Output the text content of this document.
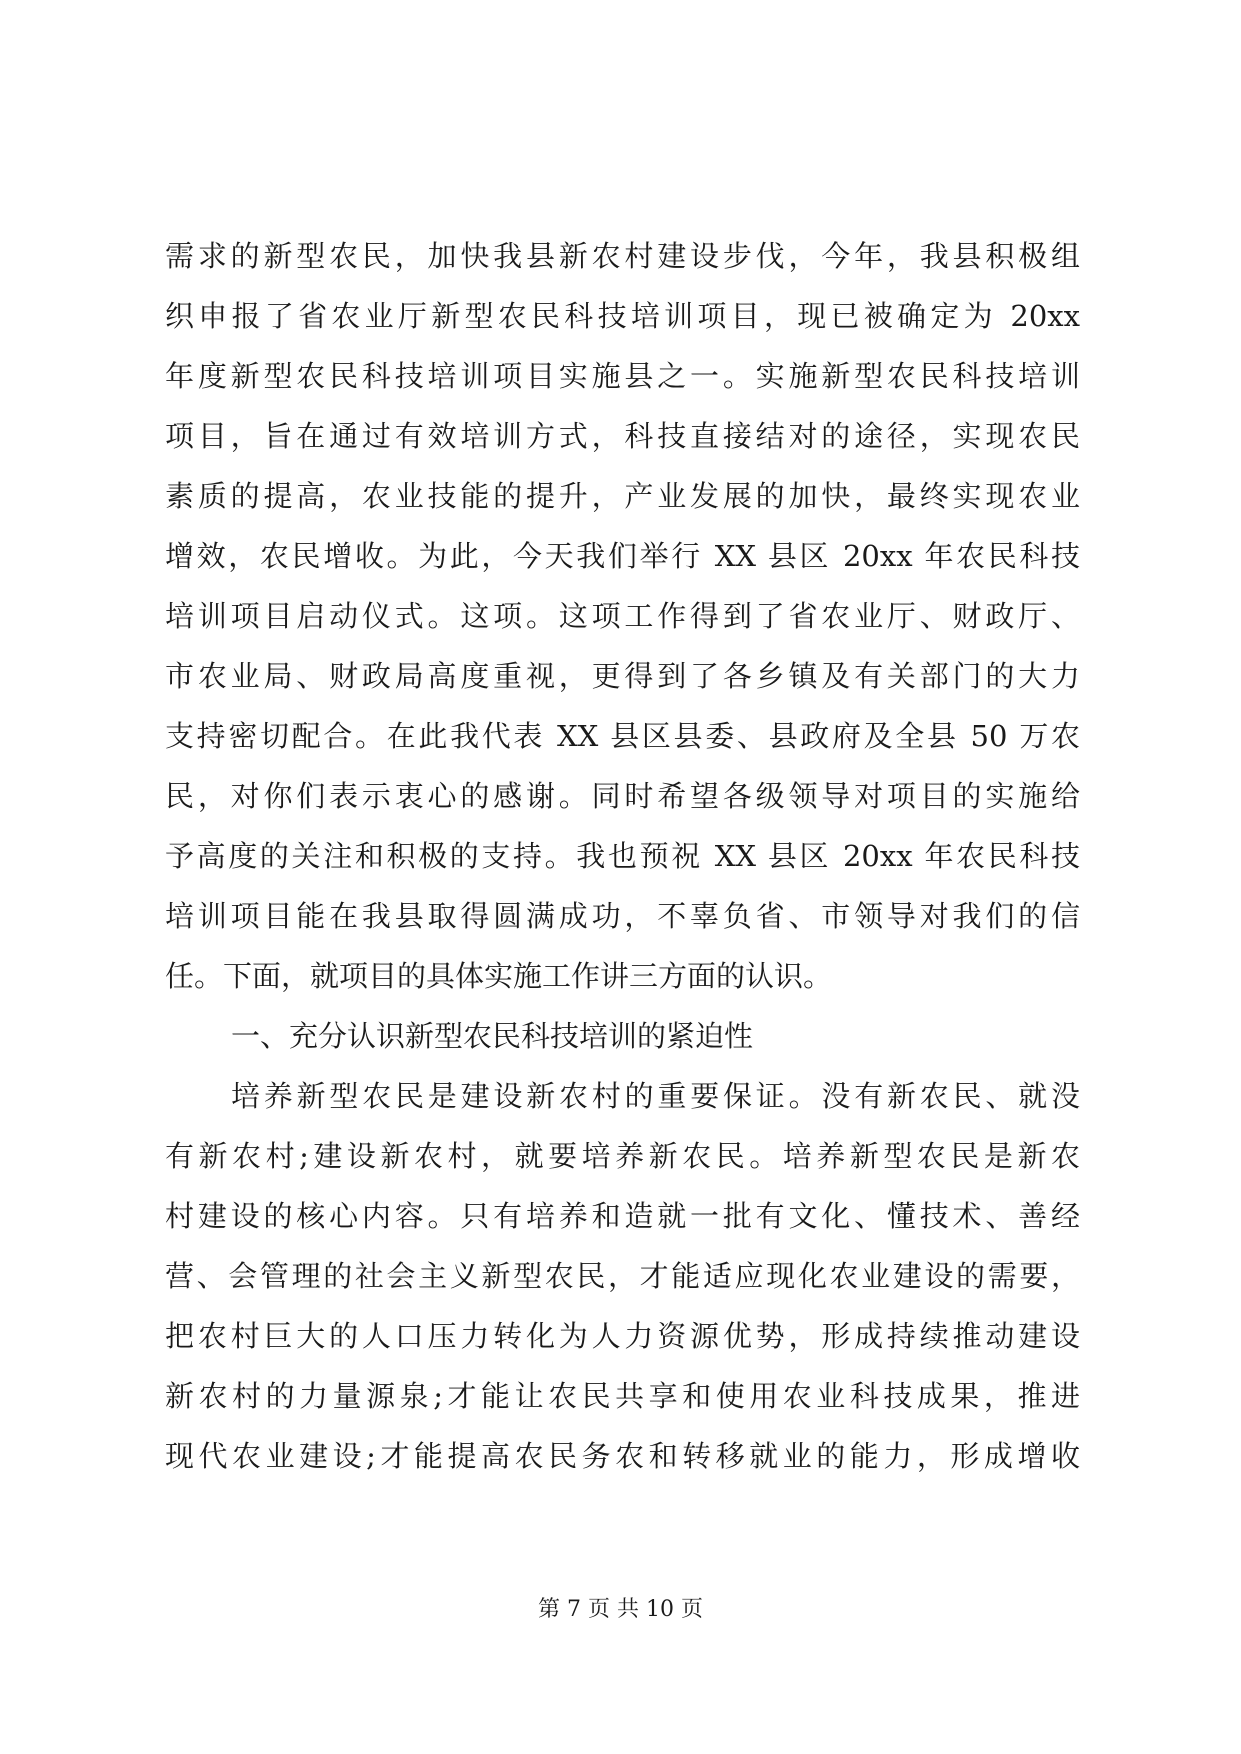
需求的新型农民，加快我县新农村建设步伐，今年，我县积极组
织申报了省农业厅新型农民科技培训项目，现已被确定为 20xx
年度新型农民科技培训项目实施县之一。实施新型农民科技培训
项目，旨在通过有效培训方式，科技直接结对的途径，实现农民
素质的提高，农业技能的提升，产业发展的加快，最终实现农业
增效，农民增收。为此，今天我们举行 XX 县区 20xx 年农民科技
培训项目启动仪式。这项。这项工作得到了省农业厅、财政厅、
市农业局、财政局高度重视，更得到了各乡镇及有关部门的大力
支持密切配合。在此我代表 XX 县区县委、县政府及全县 50 万农
民，对你们表示衷心的感谢。同时希望各级领导对项目的实施给
予高度的关注和积极的支持。我也预祝 XX 县区 20xx 年农民科技
培训项目能在我县取得圆满成功，不辜负省、市领导对我们的信
任。下面，就项目的具体实施工作讲三方面的认识。
一、充分认识新型农民科技培训的紧迫性
培养新型农民是建设新农村的重要保证。没有新农民、就没
有新农村;建设新农村，就要培养新农民。培养新型农民是新农
村建设的核心内容。只有培养和造就一批有文化、懂技术、善经
营、会管理的社会主义新型农民，才能适应现化农业建设的需要，
把农村巨大的人口压力转化为人力资源优势，形成持续推动建设
新农村的力量源泉;才能让农民共享和使用农业科技成果，推进
现代农业建设;才能提高农民务农和转移就业的能力，形成增收
第 7 页 共 10 页
